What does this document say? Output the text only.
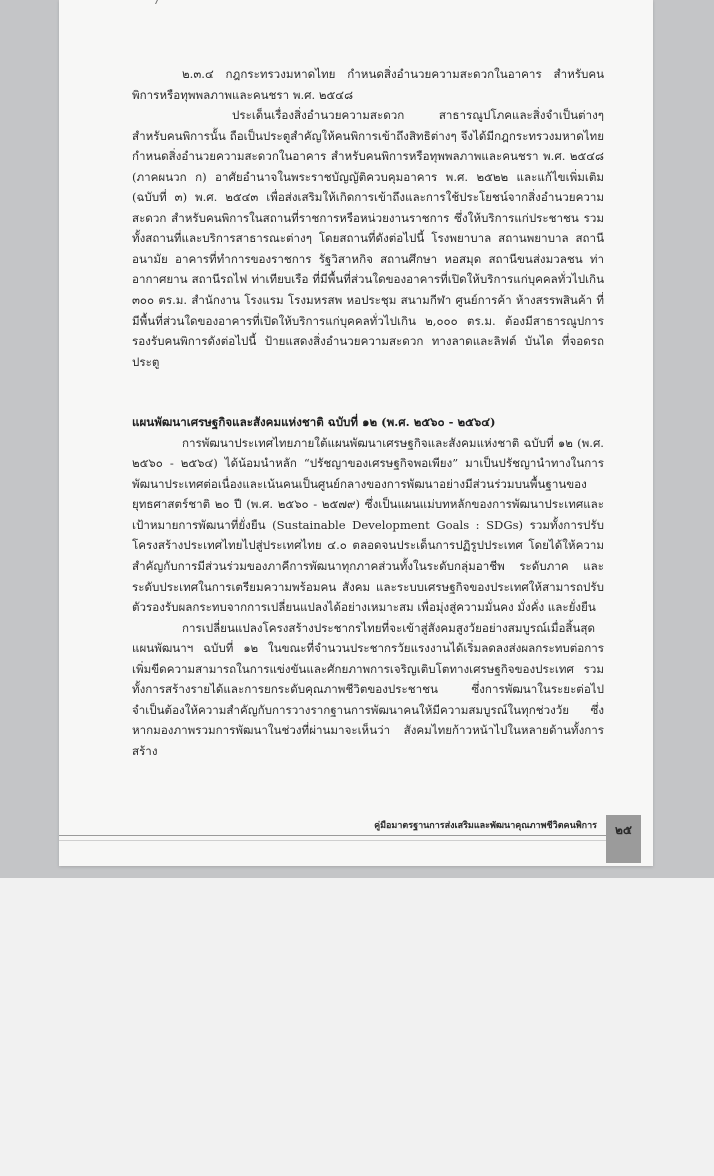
๒.๓.๔ กฎกระทรวงมหาดไทย กำหนดสิ่งอำนวยความสะดวกในอาคาร สำหรับคนพิการหรือทุพพลภาพและคนชรา พ.ศ. ๒๕๔๘

ประเด็นเรื่องสิ่งอำนวยความสะดวก สาธารณูปโภคและสิ่งจำเป็นต่างๆ สำหรับคนพิการนั้น ถือเป็นประตูสำคัญให้คนพิการเข้าถึงสิทธิต่างๆ จึงได้มีกฎกระทรวงมหาดไทย กำหนดสิ่งอำนวยความสะดวกในอาคาร สำหรับคนพิการหรือทุพพลภาพและคนชรา พ.ศ. ๒๕๔๘ (ภาคผนวก ก) อาศัยอำนาจในพระราชบัญญัติควบคุมอาคาร พ.ศ. ๒๕๒๒ และแก้ไขเพิ่มเติม (ฉบับที่ ๓) พ.ศ. ๒๕๔๓ เพื่อส่งเสริมให้เกิดการเข้าถึงและการใช้ประโยชน์จากสิ่งอำนวยความสะดวก สำหรับคนพิการในสถานที่ราชการหรือหน่วยงานราชการ ซึ่งให้บริการแก่ประชาชน รวมทั้งสถานที่และบริการสาธารณะต่างๆ โดยสถานที่ดังต่อไปนี้ โรงพยาบาล สถานพยาบาล สถานีอนามัย อาคารที่ทำการของราชการ รัฐวิสาหกิจ สถานศึกษา หอสมุด สถานีขนส่งมวลชน ท่าอากาศยาน สถานีรถไฟ ท่าเทียบเรือ ที่มีพื้นที่ส่วนใดของอาคารที่เปิดให้บริการแก่บุคคลทั่วไปเกิน ๓๐๐ ตร.ม. สำนักงาน โรงแรม โรงมหรสพ หอประชุม สนามกีฬา ศูนย์การค้า ห้างสรรพสินค้า ที่มีพื้นที่ส่วนใดของอาคารที่เปิดให้บริการแก่บุคคลทั่วไปเกิน ๒,๐๐๐ ตร.ม. ต้องมีสาธารณูปการรองรับคนพิการดังต่อไปนี้ ป้ายแสดงสิ่งอำนวยความสะดวก ทางลาดและลิฟต์ บันได ที่จอดรถ ประตู

แผนพัฒนาเศรษฐกิจและสังคมแห่งชาติ ฉบับที่ ๑๒ (พ.ศ. ๒๕๖๐ - ๒๕๖๔)

การพัฒนาประเทศไทยภายใต้แผนพัฒนาเศรษฐกิจและสังคมแห่งชาติ ฉบับที่ ๑๒ (พ.ศ. ๒๕๖๐ - ๒๕๖๔) ได้น้อมนำหลัก “ปรัชญาของเศรษฐกิจพอเพียง” มาเป็นปรัชญานำทางในการพัฒนาประเทศต่อเนื่องและเน้นคนเป็นศูนย์กลางของการพัฒนาอย่างมีส่วนร่วมบนพื้นฐานของยุทธศาสตร์ชาติ ๒๐ ปี (พ.ศ. ๒๕๖๐ - ๒๕๗๙) ซึ่งเป็นแผนแม่บทหลักของการพัฒนาประเทศและเป้าหมายการพัฒนาที่ยั่งยืน (Sustainable Development Goals : SDGs) รวมทั้งการปรับโครงสร้างประเทศไทยไปสู่ประเทศไทย ๔.๐ ตลอดจนประเด็นการปฏิรูปประเทศ โดยได้ให้ความสำคัญกับการมีส่วนร่วมของภาคีการพัฒนาทุกภาคส่วนทั้งในระดับกลุ่มอาชีพ ระดับภาค และระดับประเทศในการเตรียมความพร้อมคน สังคม และระบบเศรษฐกิจของประเทศให้สามารถปรับตัวรองรับผลกระทบจากการเปลี่ยนแปลงได้อย่างเหมาะสม เพื่อมุ่งสู่ความมั่นคง มั่งคั่ง และยั่งยืน

การเปลี่ยนแปลงโครงสร้างประชากรไทยที่จะเข้าสู่สังคมสูงวัยอย่างสมบูรณ์เมื่อสิ้นสุดแผนพัฒนาฯ ฉบับที่ ๑๒ ในขณะที่จำนวนประชากรวัยแรงงานได้เริ่มลดลงส่งผลกระทบต่อการเพิ่มขีดความสามารถในการแข่งขันและศักยภาพการเจริญเติบโตทางเศรษฐกิจของประเทศ รวมทั้งการสร้างรายได้และการยกระดับคุณภาพชีวิตของประชาชน ซึ่งการพัฒนาในระยะต่อไปจำเป็นต้องให้ความสำคัญกับการวางรากฐานการพัฒนาคนให้มีความสมบูรณ์ในทุกช่วงวัย ซึ่งหากมองภาพรวมการพัฒนาในช่วงที่ผ่านมาจะเห็นว่า สังคมไทยก้าวหน้าไปในหลายด้านทั้งการสร้าง

คู่มือมาตรฐานการส่งเสริมและพัฒนาคุณภาพชีวิตคนพิการ	๒๕
